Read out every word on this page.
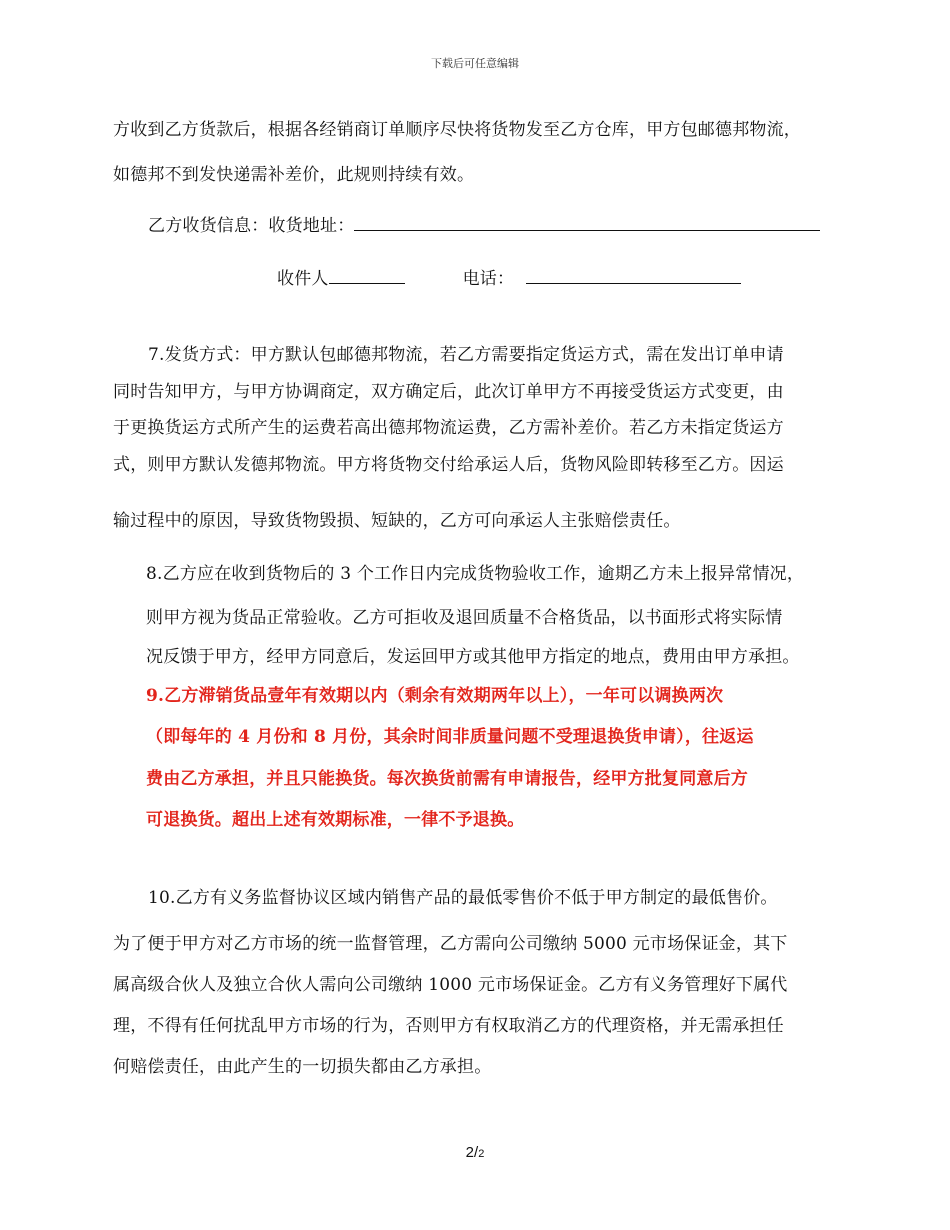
下载后可任意编辑
方收到乙方货款后，根据各经销商订单顺序尽快将货物发至乙方仓库，甲方包邮德邦物流，
如德邦不到发快递需补差价，此规则持续有效。
乙方收货信息：收货地址：
收件人	电话：
7.发货方式：甲方默认包邮德邦物流，若乙方需要指定货运方式，需在发出订单申请
同时告知甲方，与甲方协调商定，双方确定后，此次订单甲方不再接受货运方式变更，由
于更换货运方式所产生的运费若高出德邦物流运费，乙方需补差价。若乙方未指定货运方
式，则甲方默认发德邦物流。甲方将货物交付给承运人后，货物风险即转移至乙方。因运
输过程中的原因，导致货物毁损、短缺的，乙方可向承运人主张赔偿责任。
8.乙方应在收到货物后的 3 个工作日内完成货物验收工作，逾期乙方未上报异常情况，
则甲方视为货品正常验收。乙方可拒收及退回质量不合格货品，以书面形式将实际情
况反馈于甲方，经甲方同意后，发运回甲方或其他甲方指定的地点，费用由甲方承担。
9.乙方滞销货品壹年有效期以内（剩余有效期两年以上），一年可以调换两次
（即每年的 4 月份和 8 月份，其余时间非质量问题不受理退换货申请），往返运
费由乙方承担，并且只能换货。每次换货前需有申请报告，经甲方批复同意后方
可退换货。超出上述有效期标准，一律不予退换。
10.乙方有义务监督协议区域内销售产品的最低零售价不低于甲方制定的最低售价。
为了便于甲方对乙方市场的统一监督管理，乙方需向公司缴纳 5000 元市场保证金，其下
属高级合伙人及独立合伙人需向公司缴纳 1000 元市场保证金。乙方有义务管理好下属代
理，不得有任何扰乱甲方市场的行为，否则甲方有权取消乙方的代理资格，并无需承担任
何赔偿责任，由此产生的一切损失都由乙方承担。
2/2
